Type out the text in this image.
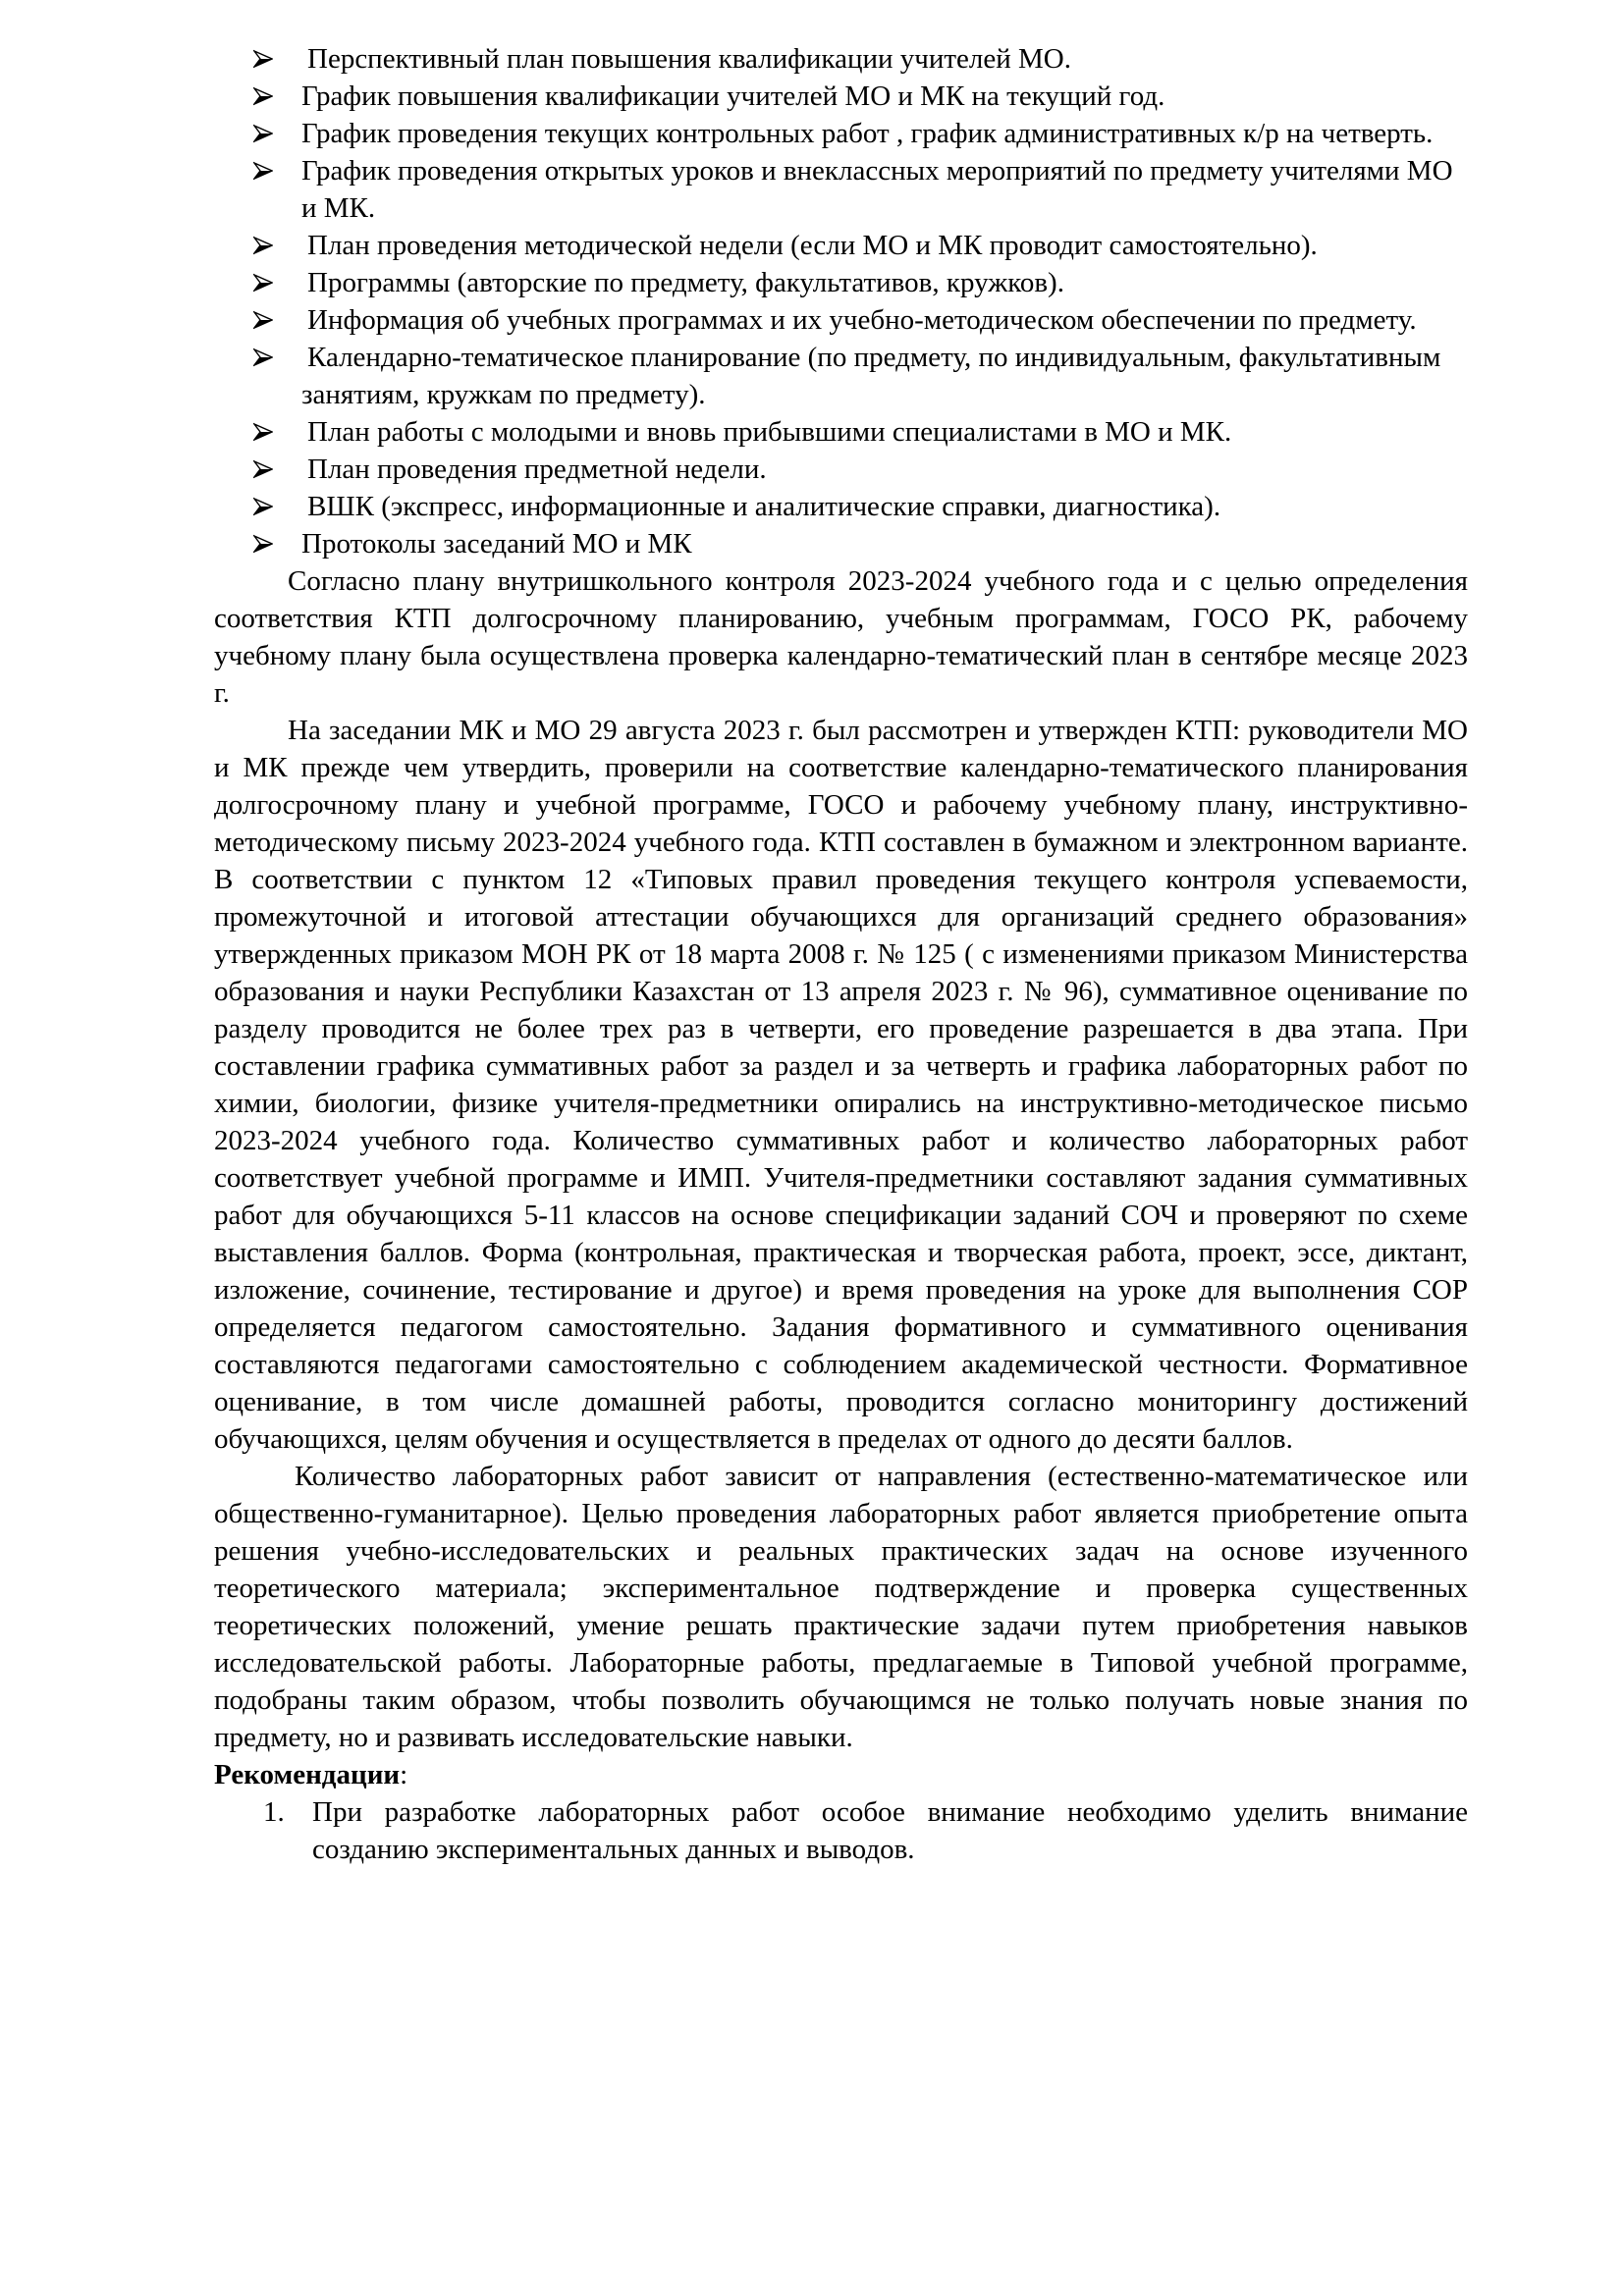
Перспективный план повышения квалификации учителей МО.
График повышения квалификации учителей МО и МК на текущий год.
График проведения текущих контрольных работ , график административных к/р на четверть.
График проведения открытых уроков и внеклассных мероприятий по предмету учителями МО и МК.
План проведения методической недели (если МО и МК проводит самостоятельно).
Программы (авторские по предмету, факультативов, кружков).
Информация об учебных программах и их учебно-методическом обеспечении по предмету.
Календарно-тематическое планирование (по предмету, по индивидуальным, факультативным занятиям, кружкам по предмету).
План работы с молодыми и вновь прибывшими специалистами в МО и МК.
План проведения предметной недели.
ВШК (экспресс, информационные и аналитические справки, диагностика).
Протоколы заседаний МО и МК

Согласно плану внутришкольного контроля 2023-2024 учебного года и с целью определения соответствия КТП долгосрочному планированию, учебным программам, ГОСО РК, рабочему учебному плану была осуществлена проверка календарно-тематический план в сентябре месяце 2023 г.

На заседании МК и МО 29 августа 2023 г. был рассмотрен и утвержден КТП: руководители МО и МК прежде чем утвердить, проверили на соответствие календарно-тематического планирования долгосрочному плану и учебной программе, ГОСО и рабочему учебному плану, инструктивно-методическому письму 2023-2024 учебного года. КТП составлен в бумажном и электронном варианте. В соответствии с пунктом 12 «Типовых правил проведения текущего контроля успеваемости, промежуточной и итоговой аттестации обучающихся для организаций среднего образования» утвержденных приказом МОН РК от 18 марта 2008 г. № 125 ( с изменениями приказом Министерства образования и науки Республики Казахстан от 13 апреля 2023 г. № 96), суммативное оценивание по разделу проводится не более трех раз в четверти, его проведение разрешается в два этапа. При составлении графика суммативных работ за раздел и за четверть и графика лабораторных работ по химии, биологии, физике учителя-предметники опирались на инструктивно-методическое письмо 2023-2024 учебного года. Количество суммативных работ и количество лабораторных работ соответствует учебной программе и ИМП. Учителя-предметники составляют задания суммативных работ для обучающихся 5-11 классов на основе спецификации заданий СОЧ и проверяют по схеме выставления баллов. Форма (контрольная, практическая и творческая работа, проект, эссе, диктант, изложение, сочинение, тестирование и другое) и время проведения на уроке для выполнения СОР определяется педагогом самостоятельно. Задания формативного и суммативного оценивания составляются педагогами самостоятельно с соблюдением академической честности. Формативное оценивание, в том числе домашней работы, проводится согласно мониторингу достижений обучающихся, целям обучения и осуществляется в пределах от одного до десяти баллов.

Количество лабораторных работ зависит от направления (естественно-математическое или общественно-гуманитарное). Целью проведения лабораторных работ является приобретение опыта решения учебно-исследовательских и реальных практических задач на основе изученного теоретического материала; экспериментальное подтверждение и проверка существенных теоретических положений, умение решать практические задачи путем приобретения навыков исследовательской работы. Лабораторные работы, предлагаемые в Типовой учебной программе, подобраны таким образом, чтобы позволить обучающимся не только получать новые знания по предмету, но и развивать исследовательские навыки.

Рекомендации:
1. При разработке лабораторных работ особое внимание необходимо уделить внимание созданию экспериментальных данных и выводов.
